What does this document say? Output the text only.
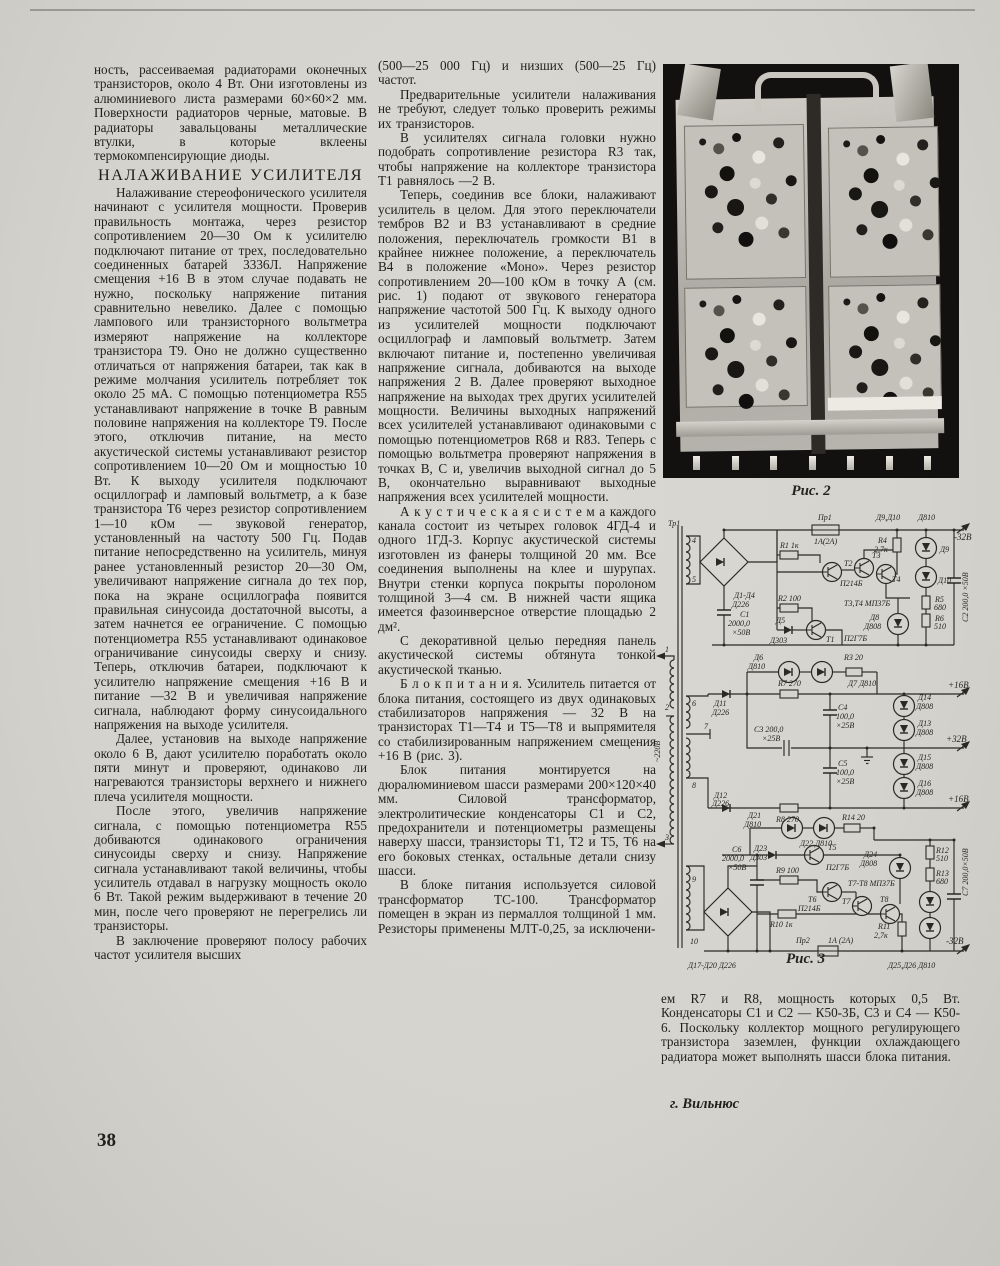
ность, рассеиваемая радиаторами оконечных транзисторов, около 4 Вт. Они изготовлены из алюминиевого листа размерами 60×60×2 мм. Поверхности радиаторов черные, матовые. В радиаторы завальцованы металлические втулки, в которые вклеены термокомпенсирующие диоды.

НАЛАЖИВАНИЕ УСИЛИТЕЛЯ

Налаживание стереофонического усилителя начинают с усилителя мощности. Проверив правильность монтажа, через резистор сопротивлением 20—30 Ом к усилителю подключают питание от трех, последовательно соединенных батарей 3336Л. Напряжение смещения +16 В в этом случае подавать не нужно, поскольку напряжение питания сравнительно невелико. Далее с помощью лампового или транзисторного вольтметра измеряют напряжение на коллекторе транзистора Т9. Оно не должно существенно отличаться от напряжения батареи, так как в режиме молчания усилитель потребляет ток около 25 мА. С помощью потенциометра R55 устанавливают напряжение в точке В равным половине напряжения на коллекторе Т9. После этого, отключив питание, на место акустической системы устанавливают резистор сопротивлением 10—20 Ом и мощностью 10 Вт. К выходу усилителя подключают осциллограф и ламповый вольтметр, а к базе транзистора Т6 через резистор сопротивлением 1—10 кОм — звуковой генератор, установленный на частоту 500 Гц. Подав питание непосредственно на усилитель, минуя ранее установленный резистор 20—30 Ом, увеличивают напряжение сигнала до тех пор, пока на экране осциллографа появится правильная синусоида достаточной высоты, а затем начнется ее ограничение. С помощью потенциометра R55 устанавливают одинаковое ограничивание синусоиды сверху и снизу. Теперь, отключив батареи, подключают к усилителю напряжение смещения +16 В и питание —32 В и увеличивая напряжение сигнала, наблюдают форму синусоидального напряжения на выходе усилителя.

Далее, установив на выходе напряжение около 6 В, дают усилителю поработать около пяти минут и проверяют, одинаково ли нагреваются транзисторы верхнего и нижнего плеча усилителя мощности.

После этого, увеличив напряжение сигнала, с помощью потенциометра R55 добиваются одинакового ограничения синусоиды сверху и снизу. Напряжение сигнала устанавливают такой величины, чтобы усилитель отдавал в нагрузку мощность около 6 Вт. Такой режим выдерживают в течение 20 мин, после чего проверяют не перегрелись ли транзисторы.

В заключение проверяют полосу рабочих частот усилителя высших

38

(500—25 000 Гц) и низших (500—25 Гц) частот.

Предварительные усилители налаживания не требуют, следует только проверить режимы их транзисторов.

В усилителях сигнала головки нужно подобрать сопротивление резистора R3 так, чтобы напряжение на коллекторе транзистора Т1 равнялось —2 В.

Теперь, соединив все блоки, налаживают усилитель в целом. Для этого переключатели тембров В2 и В3 устанавливают в средние положения, переключатель громкости В1 в крайнее нижнее положение, а переключатель В4 в положение «Моно». Через резистор сопротивлением 20—100 кОм в точку А (см. рис. 1) подают от звукового генератора напряжение частотой 500 Гц. К выходу одного из усилителей мощности подключают осциллограф и ламповый вольтметр. Затем включают питание и, постепенно увеличивая напряжение сигнала, добиваются на выходе напряжения 2 В. Далее проверяют выходное напряжение на выходах трех других усилителей мощности. Величины выходных напряжений всех усилителей устанавливают одинаковыми с помощью потенциометров R68 и R83. Теперь с помощью вольтметра проверяют напряжения в точках В, С и, увеличив выходной сигнал до 5 В, окончательно выравнивают выходные напряжения всех усилителей мощности.

А к у с т и ч е с к а я с и с т е м а каждого канала состоит из четырех головок 4ГД-4 и одного 1ГД-3. Корпус акустической системы изготовлен из фанеры толщиной 20 мм. Все соединения выполнены на клее и шурупах. Внутри стенки корпуса покрыты поролоном толщиной 3—4 см. В нижней части ящика имеется фазоинверсное отверстие площадью 2 дм².

С декоративной целью передняя панель акустической системы обтянута тонкой акустической тканью.

Б л о к п и т а н и я. Усилитель питается от блока питания, состоящего из двух одинаковых стабилизаторов напряжения — 32 В на транзисторах Т1—Т4 и Т5—Т8 и выпрямителя со стабилизированным напряжением смещения +16 В (рис. 3).

Блок питания монтируется на дюралюминиевом шасси размерами 200×120×40 мм. Силовой трансформатор, электролитические конденсаторы С1 и С2, предохранители и потенциометры размещены наверху шасси, транзисторы Т1, Т2 и Т5, Т6 на его боковых стенках, остальные детали снизу шасси.

В блоке питания используется силовой трансформатор ТС-100. Трансформатор помещен в экран из пермаллоя толщиной 1 мм. Резисторы применены МЛТ-0,25, за исключени-

Рис. 2
Тр1
4
5
1
2	6
7
8
3
9
10
~220В
Пр1
1А(2А)
Д9,Д10 Д810
-32В
Д1-Д4
Д226
С1
2000,0
×50В
R1 1к
R2 100
Т2
П214Б
Т3
Т4
Т3,Т4 МП37Б
R4
2,7к
Д5
Д303	Т1 П2Г7Б
Д8
Д808
Д9
Д10
R5
680
R6
510
С2 200,0 ×50В
Д6
Д810
R3 20
Д7 Д810
Д11
Д226
R7 270	+16В
С4
100,0
×25В
С3 200,0
×25В
Д14
Д808
Д13
Д808
+32В
Д15
Д808
Д16
Д808
С5
100,0
×25В
Д12
Д226
R8 270
+16В
Д21
Д810
R14 20
Д22 Д810
Д23
Д303
Т5
П2Г7Б
С6
2000,0
×50В
Д24
Д808
Т7-Т8 МП37Б
R9 100
Т6
П214Б
Т7	Т8
R10 1к	R11
2,7к
R12
510
R13
680 С7 200,0×50В
Пр2 1А (2А)
Д17-Д20 Д226	Д25,Д26 Д810
-32В
Рис. 3

ем R7 и R8, мощность которых 0,5 Вт. Конденсаторы С1 и С2 — К50-3Б, С3 и С4 — К50-6. Поскольку коллектор мощного регулирующего транзистора заземлен, функции охлаждающего радиатора может выполнять шасси блока питания.

г. Вильнюс
